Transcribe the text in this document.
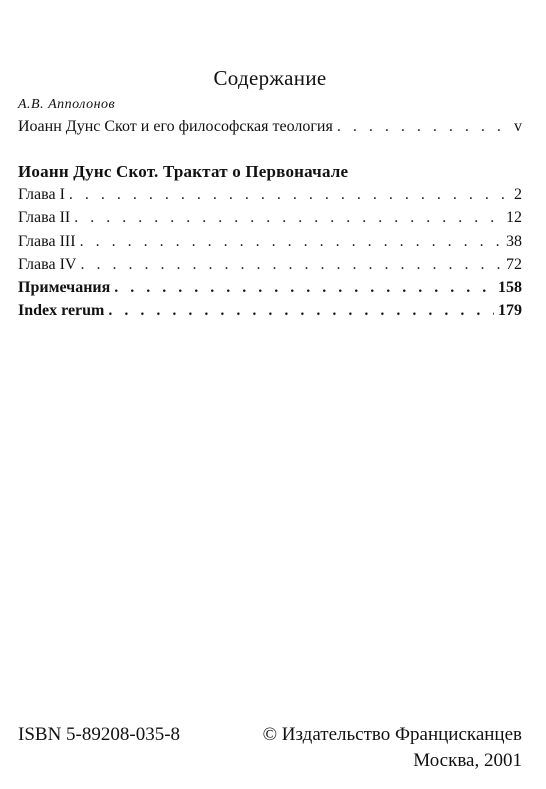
Содержание
А.В. Апполонов
Иоанн Дунс Скот и его философская теология . . .	v
Иоанн Дунс Скот. Трактат о Первоначале
Глава I . . .	2
Глава II . . .	12
Глава III . . .	38
Глава IV . . .	72
Примечания . . .	158
Index rerum . . .	179
ISBN 5-89208-035-8	© Издательство Францисканцев
Москва, 2001
